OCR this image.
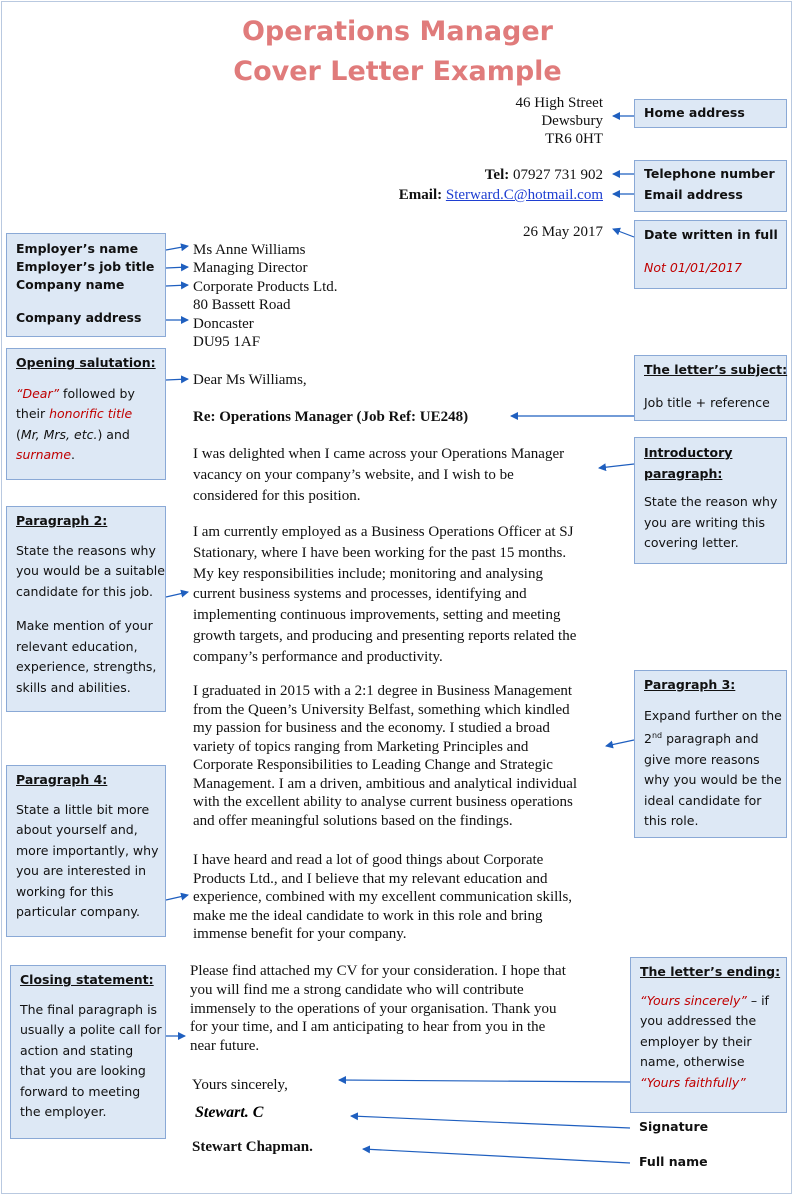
Operations Manager
Cover Letter Example
46 High Street
Dewsbury
TR6 0HT
Tel: 07927 731 902
Email: Sterward.C@hotmail.com
26 May 2017
Ms Anne Williams
Managing Director
Corporate Products Ltd.
80 Bassett Road
Doncaster
DU95 1AF
Dear Ms Williams,
Re: Operations Manager (Job Ref: UE248)
I was delighted when I came across your Operations Manager
vacancy on your company’s website, and I wish to be
considered for this position.
I am currently employed as a Business Operations Officer at SJ
Stationary, where I have been working for the past 15 months.
My key responsibilities include; monitoring and analysing
current business systems and processes, identifying and
implementing continuous improvements, setting and meeting
growth targets, and producing and presenting reports related the
company’s performance and productivity.
I graduated in 2015 with a 2:1 degree in Business Management
from the Queen’s University Belfast, something which kindled
my passion for business and the economy. I studied a broad
variety of topics ranging from Marketing Principles and
Corporate Responsibilities to Leading Change and Strategic
Management. I am a driven, ambitious and analytical individual
with the excellent ability to analyse current business operations
and offer meaningful solutions based on the findings.
I have heard and read a lot of good things about Corporate
Products Ltd., and I believe that my relevant education and
experience, combined with my excellent communication skills,
make me the ideal candidate to work in this role and bring
immense benefit for your company.
Please find attached my CV for your consideration. I hope that
you will find me a strong candidate who will contribute
immensely to the operations of your organisation. Thank you
for your time, and I am anticipating to hear from you in the
near future.
Yours sincerely,
Stewart. C
Stewart Chapman.

Home address

Telephone number

Email address

Date written in full

Not 01/01/2017

The letter’s subject:

Job title + reference

Introductory

paragraph:

State the reason why

you are writing this

covering letter.

Paragraph 3:

Expand further on the

2nd paragraph and

give more reasons

why you would be the

ideal candidate for

this role.

The letter’s ending:

“Yours sincerely” – if

you addressed the

employer by their

name, otherwise

“Yours faithfully”

Signature

Full name

Employer’s name

Employer’s job title

Company name

Company address

Opening salutation:

“Dear” followed by

their honorific title

(Mr, Mrs, etc.) and

surname.

Paragraph 2:

State the reasons why

you would be a suitable

candidate for this job.

Make mention of your

relevant education,

experience, strengths,

skills and abilities.

Paragraph 4:

State a little bit more

about yourself and,

more importantly, why

you are interested in

working for this

particular company.

Closing statement:

The final paragraph is

usually a polite call for

action and stating

that you are looking

forward to meeting

the employer.
